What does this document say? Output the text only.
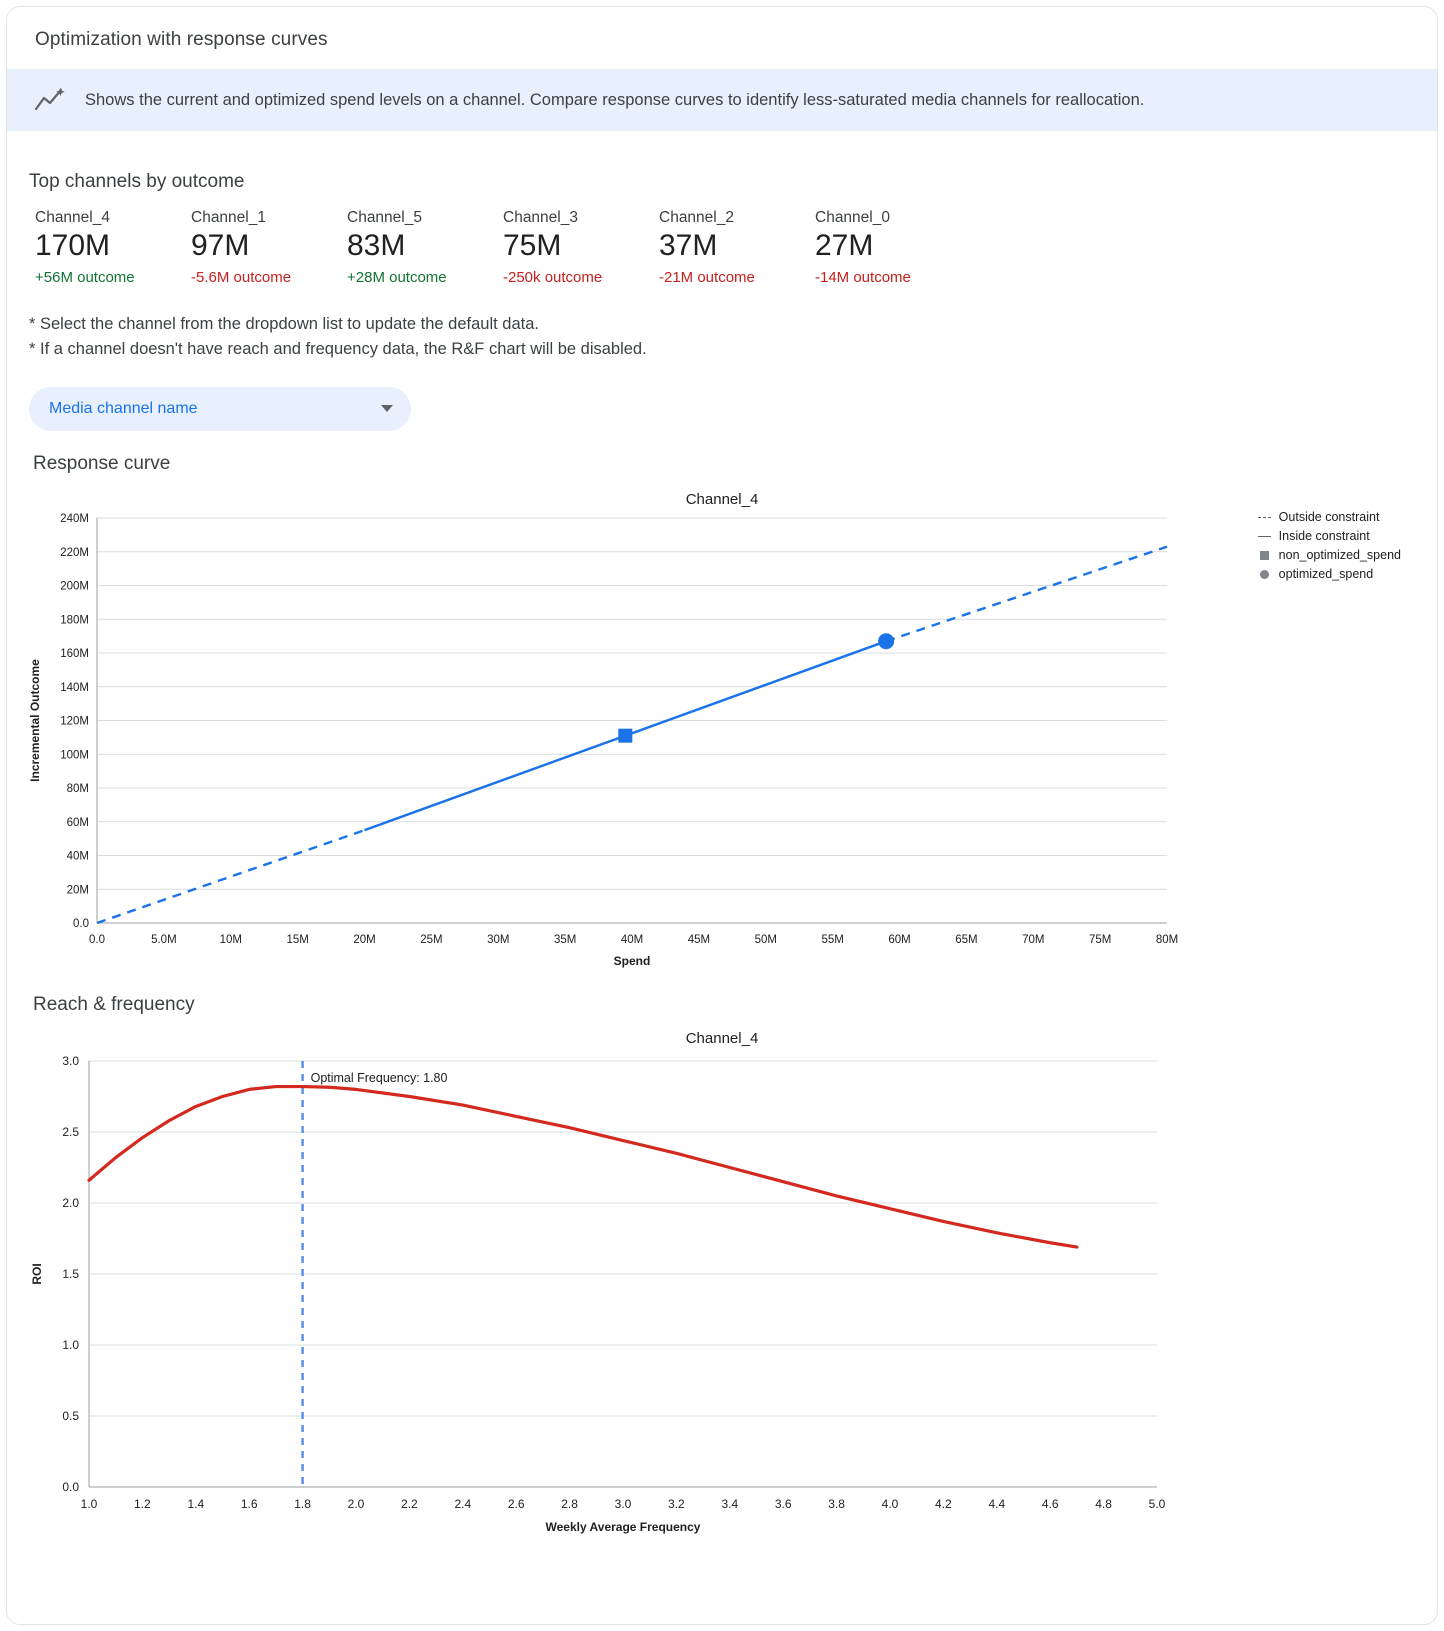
Optimization with response curves
Shows the current and optimized spend levels on a channel. Compare response curves to identify less-saturated media channels for reallocation.
Top channels by outcome
Channel_4
170M
+56M outcome
Channel_1
97M
-5.6M outcome
Channel_5
83M
+28M outcome
Channel_3
75M
-250k outcome
Channel_2
37M
-21M outcome
Channel_0
27M
-14M outcome
* Select the channel from the dropdown list to update the default data.
* If a channel doesn't have reach and frequency data, the R&F chart will be disabled.
Media channel name
Response curve
Channel_4
Outside constraint
Inside constraint
non_optimized_spend
optimized_spend
0.0
20M
40M
60M
80M
100M
120M
140M
160M
180M
200M
220M
240M
0.0	5.0M	10M	15M	20M	25M	30M	35M	40M	45M	50M	55M	60M	65M	70M	75M	80M
Spend
Incremental Outcome
Reach & frequency
Channel_4
0.0
0.5
1.0
1.5
2.0
2.5
3.0
1.0	1.2	1.4	1.6	1.8	2.0	2.2	2.4	2.6	2.8	3.0	3.2	3.4	3.6	3.8	4.0	4.2	4.4	4.6	4.8	5.0
Optimal Frequency: 1.80
Weekly Average Frequency
ROI
